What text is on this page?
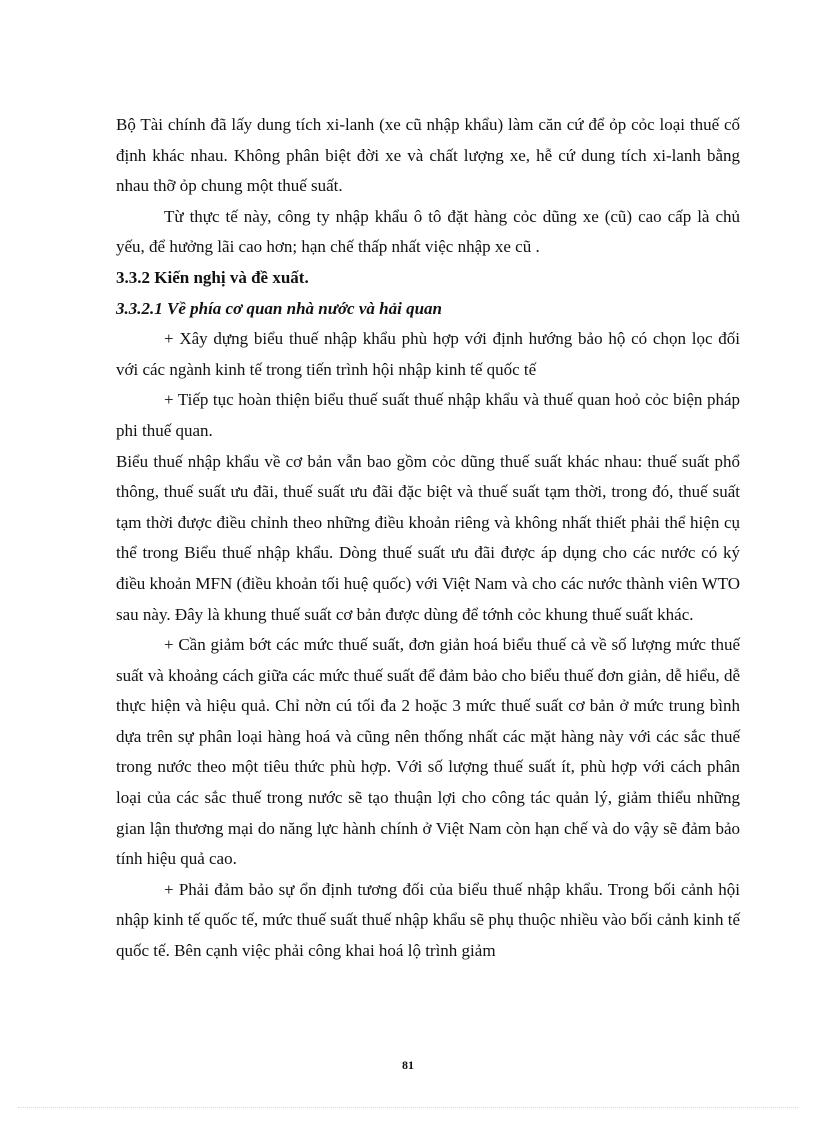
Bộ Tài chính đã lấy dung tích xi-lanh (xe cũ nhập khẩu) làm căn cứ để ỏp cỏc loại thuế cố định khác nhau. Không phân biệt đời xe và chất lượng xe, hễ cứ dung tích xi-lanh bằng nhau thỡ ỏp chung một thuế suất.

Từ thực tế này, công ty nhập khẩu ô tô đặt hàng cỏc dũng xe (cũ) cao cấp là chủ yếu, để hưởng lãi cao hơn; hạn chế thấp nhất việc nhập xe cũ .

3.3.2 Kiến nghị và đề xuất.

3.3.2.1 Về phía cơ quan nhà nước và hải quan

+ Xây dựng biểu thuế nhập khẩu phù hợp với định hướng bảo hộ có chọn lọc đối với các ngành kinh tế trong tiến trình hội nhập kinh tế quốc tế

+ Tiếp tục hoàn thiện biểu thuế suất thuế nhập khẩu và thuế quan hoỏ cỏc biện pháp phi thuế quan.

Biểu thuế nhập khẩu về cơ bản vẫn bao gồm cỏc dũng thuế suất khác nhau: thuế suất phổ thông, thuế suất ưu đãi, thuế suất ưu đãi đặc biệt và thuế suất tạm thời, trong đó, thuế suất tạm thời được điều chỉnh theo những điều khoản riêng và không nhất thiết phải thể hiện cụ thể trong Biểu thuế nhập khẩu. Dòng thuế suất ưu đãi được áp dụng cho các nước có ký điều khoản MFN (điều khoản tối huệ quốc) với Việt Nam và cho các nước thành viên WTO sau này. Đây là khung thuế suất cơ bản được dùng để tớnh cỏc khung thuế suất khác.

+ Cần giảm bớt các mức thuế suất, đơn giản hoá biểu thuế cả về số lượng mức thuế suất và khoảng cách giữa các mức thuế suất để đảm bảo cho biểu thuế đơn giản, dễ hiểu, dễ thực hiện và hiệu quả. Chỉ nờn cú tối đa 2 hoặc 3 mức thuế suất cơ bản ở mức trung bình dựa trên sự phân loại hàng hoá và cũng nên thống nhất các mặt hàng này với các sắc thuế trong nước theo một tiêu thức phù hợp. Với số lượng thuế suất ít, phù hợp với cách phân loại của các sắc thuế trong nước sẽ tạo thuận lợi cho công tác quản lý, giảm thiểu những gian lận thương mại do năng lực hành chính ở Việt Nam còn hạn chế và do vậy sẽ đảm bảo tính hiệu quả cao.

+ Phải đảm bảo sự ổn định tương đối của biểu thuế nhập khẩu. Trong bối cảnh hội nhập kinh tế quốc tế, mức thuế suất thuế nhập khẩu sẽ phụ thuộc nhiều vào bối cảnh kinh tế quốc tế. Bên cạnh việc phải công khai hoá lộ trình giảm

81
